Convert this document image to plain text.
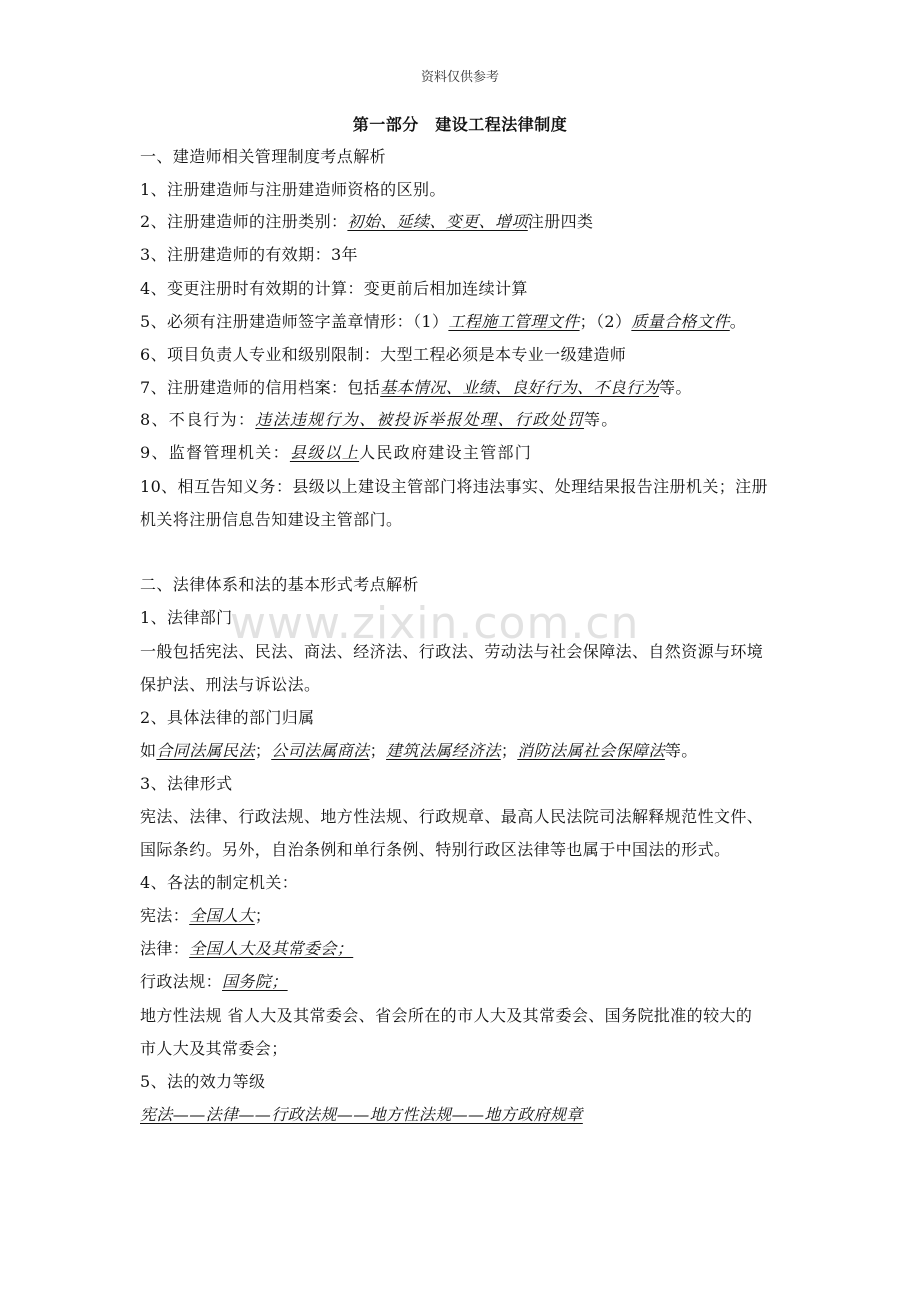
资料仅供参考
www.zixin.com.cn
第一部分　建设工程法律制度
一、建造师相关管理制度考点解析
1、注册建造师与注册建造师资格的区别。
2、注册建造师的注册类别：初始、延续、变更、增项注册四类
3、注册建造师的有效期：3年
4、变更注册时有效期的计算：变更前后相加连续计算
5、必须有注册建造师签字盖章情形：（1）工程施工管理文件；（2）质量合格文件。
6、项目负责人专业和级别限制：大型工程必须是本专业一级建造师
7、注册建造师的信用档案：包括基本情况、业绩、良好行为、不良行为等。
8、不良行为：违法违规行为、被投诉举报处理、行政处罚等。
9、监督管理机关：县级以上人民政府建设主管部门
10、相互告知义务：县级以上建设主管部门将违法事实、处理结果报告注册机关；注册
机关将注册信息告知建设主管部门。
二、法律体系和法的基本形式考点解析
1、法律部门
一般包括宪法、民法、商法、经济法、行政法、劳动法与社会保障法、自然资源与环境
保护法、刑法与诉讼法。
2、具体法律的部门归属
如合同法属民法；公司法属商法；建筑法属经济法；消防法属社会保障法等。
3、法律形式
宪法、法律、行政法规、地方性法规、行政规章、最高人民法院司法解释规范性文件、
国际条约。另外，自治条例和单行条例、特别行政区法律等也属于中国法的形式。
4、各法的制定机关：
宪法：全国人大；
法律：全国人大及其常委会；
行政法规：国务院；
地方性法规 省人大及其常委会、省会所在的市人大及其常委会、国务院批准的较大的
市人大及其常委会；
5、法的效力等级
宪法——法律——行政法规——地方性法规——地方政府规章
